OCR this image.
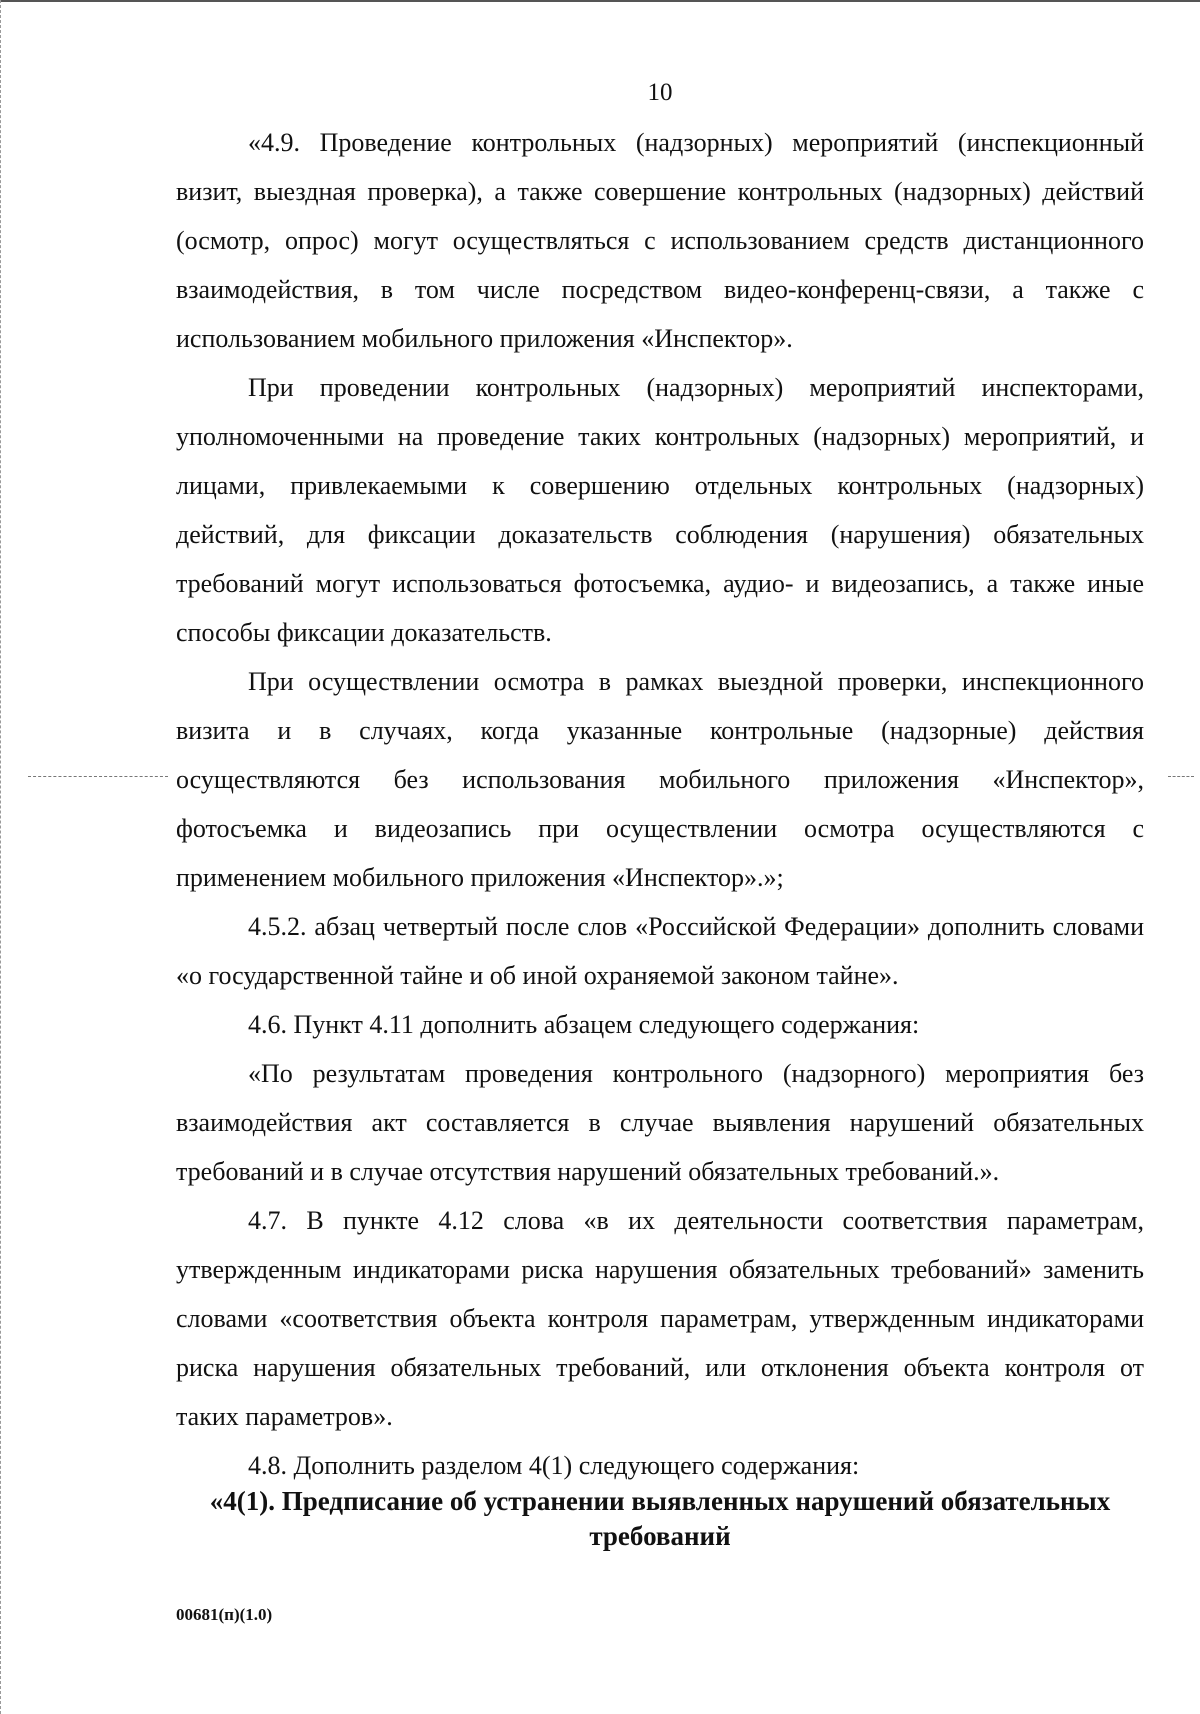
10

«4.9. Проведение контрольных (надзорных) мероприятий (инспекционный визит, выездная проверка), а также совершение контрольных (надзорных) действий (осмотр, опрос) могут осуществляться с использованием средств дистанционного взаимодействия, в том числе посредством видео-конференц-связи, а также с использованием мобильного приложения «Инспектор».

При проведении контрольных (надзорных) мероприятий инспекторами, уполномоченными на проведение таких контрольных (надзорных) мероприятий, и лицами, привлекаемыми к совершению отдельных контрольных (надзорных) действий, для фиксации доказательств соблюдения (нарушения) обязательных требований могут использоваться фотосъемка, аудио- и видеозапись, а также иные способы фиксации доказательств.

При осуществлении осмотра в рамках выездной проверки, инспекционного визита и в случаях, когда указанные контрольные (надзорные) действия осуществляются без использования мобильного приложения «Инспектор», фотосъемка и видеозапись при осуществлении осмотра осуществляются с применением мобильного приложения «Инспектор».»;

4.5.2. абзац четвертый после слов «Российской Федерации» дополнить словами «о государственной тайне и об иной охраняемой законом тайне».

4.6. Пункт 4.11 дополнить абзацем следующего содержания:

«По результатам проведения контрольного (надзорного) мероприятия без взаимодействия акт составляется в случае выявления нарушений обязательных требований и в случае отсутствия нарушений обязательных требований.».

4.7. В пункте 4.12 слова «в их деятельности соответствия параметрам, утвержденным индикаторами риска нарушения обязательных требований» заменить словами «соответствия объекта контроля параметрам, утвержденным индикаторами риска нарушения обязательных требований, или отклонения объекта контроля от таких параметров».

4.8. Дополнить разделом 4(1) следующего содержания:

«4(1). Предписание об устранении выявленных нарушений обязательных
требований
00681(п)(1.0)
